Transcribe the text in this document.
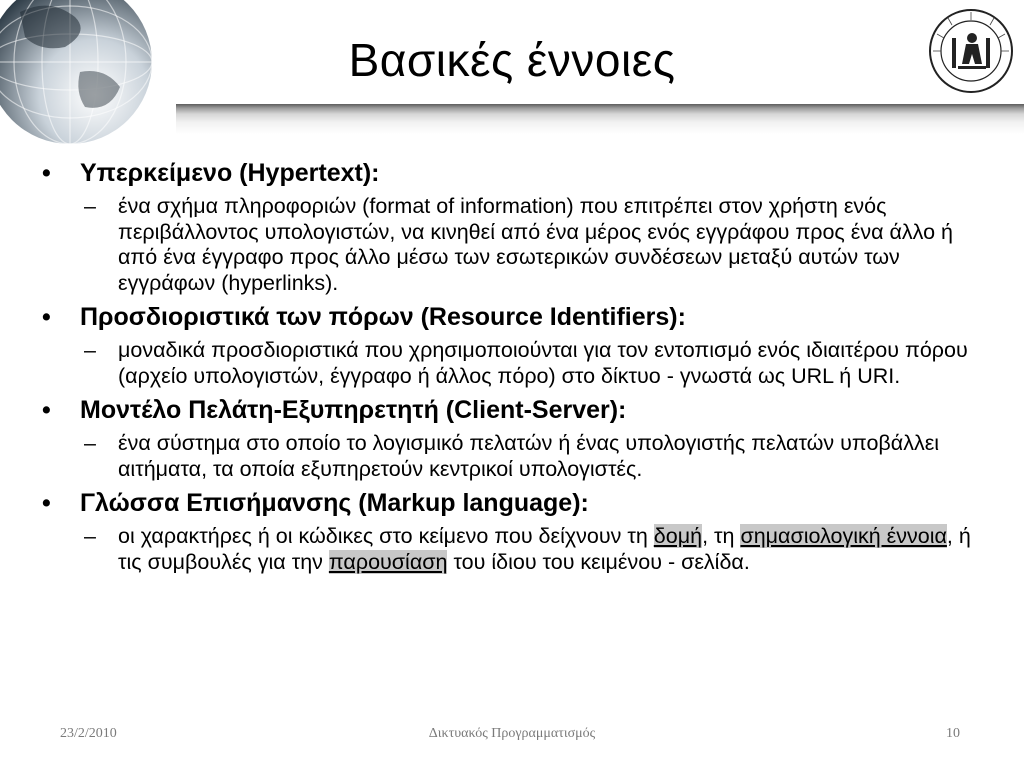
Βασικές έννοιες
• Υπερκείμενο (Hypertext):
– ένα σχήμα πληροφοριών (format of information) που επιτρέπει στον χρήστη ενός περιβάλλοντος υπολογιστών, να κινηθεί από ένα μέρος ενός εγγράφου προς ένα άλλο ή από ένα έγγραφο προς άλλο μέσω των εσωτερικών συνδέσεων μεταξύ αυτών των εγγράφων (hyperlinks).
• Προσδιοριστικά των πόρων (Resource Identifiers):
– μοναδικά προσδιοριστικά που χρησιμοποιούνται για τον εντοπισμό ενός ιδιαιτέρου πόρου (αρχείο υπολογιστών, έγγραφο ή άλλος πόρο) στο δίκτυο - γνωστά ως URL ή URI.
• Μοντέλο Πελάτη-Εξυπηρετητή (Client-Server):
– ένα σύστημα στο οποίο το λογισμικό πελατών ή ένας υπολογιστής πελατών υποβάλλει αιτήματα, τα οποία εξυπηρετούν κεντρικοί υπολογιστές.
• Γλώσσα Επισήμανσης (Markup language):
– οι χαρακτήρες ή οι κώδικες στο κείμενο που δείχνουν τη δομή, τη σημασιολογική έννοια, ή τις συμβουλές για την παρουσίαση του ίδιου του κειμένου - σελίδα.
23/2/2010	Δικτυακός Προγραμματισμός	10
